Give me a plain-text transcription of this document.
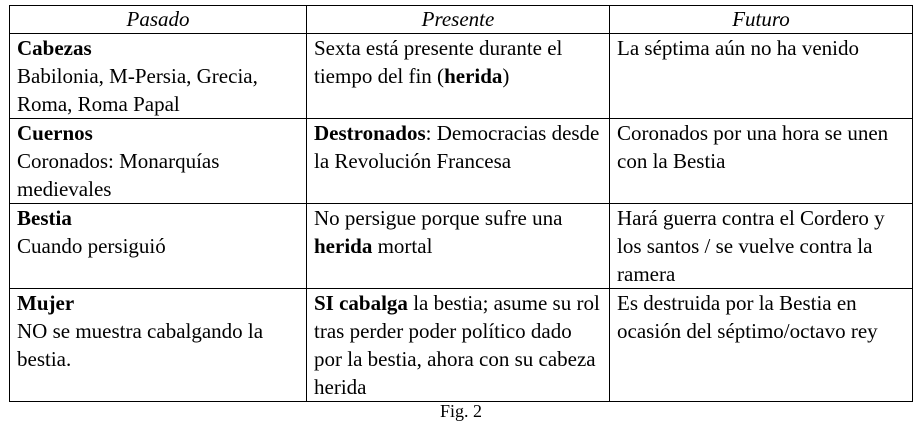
Pasado	Presente	Futuro
Cabezas
Babilonia, M-Persia, Grecia, Roma, Roma Papal	Sexta está presente durante el tiempo del fin (herida)	La séptima aún no ha venido
Cuernos
Coronados: Monarquías medievales	Destronados: Democracias desde la Revolución Francesa	Coronados por una hora se unen con la Bestia
Bestia
Cuando persiguió	No persigue porque sufre una herida mortal	Hará guerra contra el Cordero y los santos / se vuelve contra la ramera
Mujer
NO se muestra cabalgando la bestia.	SI cabalga la bestia; asume su rol tras perder poder político dado por la bestia, ahora con su cabeza herida	Es destruida por la Bestia en ocasión del séptimo/octavo rey
Fig. 2
